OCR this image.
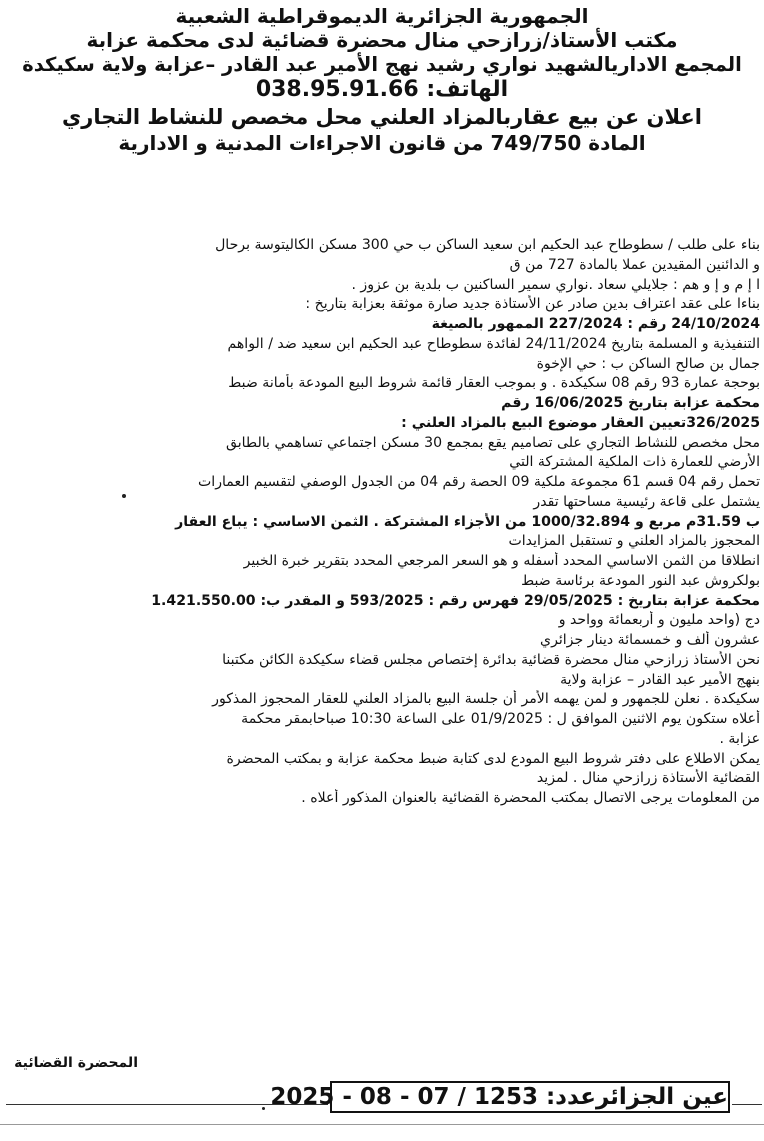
الجمهورية الجزائرية الديموقراطية الشعبية
مكتب الأستاذ/زرازحي منال محضرة قضائية لدى محكمة عزابة
المجمع الاداريالشهيد نواري رشيد نهج الأمير عبد القادر –عزابة ولاية سكيكدة
الهاتف: 038.95.91.66
اعلان عن بيع عقاربالمزاد العلني محل مخصص للنشاط التجاري
المادة 749/750 من قانون الاجراءات المدنية و الادارية
بناء على طلب / سطوطاح عبد الحكيم ابن سعيد الساكن ب حي 300 مسكن الكاليتوسة برحال
و الدائنين المقيدين عملا بالمادة 727 من ق
ا إ م و إ و هم : جلايلي سعاد .نواري سمير الساكنين ب بلدية بن عزوز .
بناءا على عقد اعتراف بدين صادر عن الأستاذة جديد صارة موثقة بعزابة بتاريخ :
24/10/2024 رقم : 227/2024 الممهور بالصيغة
التنفيذية و المسلمة بتاريخ 24/11/2024 لفائدة سطوطاح عبد الحكيم ابن سعيد ضد / الواهم
جمال بن صالح الساكن ب : حي الإخوة
بوحجة عمارة 93 رقم 08 سكيكدة . و بموجب العقار قائمة شروط البيع المودعة بأمانة ضبط
محكمة عزابة بتاريخ 16/06/2025 رقم
326/2025تعيين العقار موضوع البيع بالمزاد العلني :
محل مخصص للنشاط التجاري على تصاميم يقع بمجمع 30 مسكن اجتماعي تساهمي بالطابق
الأرضي للعمارة ذات الملكية المشتركة التي
تحمل رقم 04 قسم 61 مجموعة ملكية 09 الحصة رقم 04 من الجدول الوصفي لتقسيم العمارات
يشتمل على قاعة رئيسية مساحتها تقدر
ب 31.59م مربع و 1000/32.894 من الأجزاء المشتركة . الثمن الاساسي : يباع العقار
المحجوز بالمزاد العلني و تستقبل المزايدات
انطلاقا من الثمن الاساسي المحدد أسفله و هو السعر المرجعي المحدد بتقرير خبرة الخبير
بولكروش عبد النور المودعة برئاسة ضبط
محكمة عزابة بتاريخ : 29/05/2025 فهرس رقم : 593/2025 و المقدر ب: 1.421.550.00
دج (واحد مليون و أربعمائة وواحد و
عشرون ألف و خمسمائة دينار جزائري
نحن الأستاذ زرازحي منال محضرة قضائية بدائرة إختصاص مجلس قضاء سكيكدة الكائن مكتبنا
بنهج الأمير عبد القادر – عزابة ولاية
سكيكدة . نعلن للجمهور و لمن يهمه الأمر أن جلسة البيع بالمزاد العلني للعقار المحجوز المذكور
أعلاه ستكون يوم الاثنين الموافق ل : 01/9/2025 على الساعة 10:30 صباحابمقر محكمة
عزابة .
يمكن الاطلاع على دفتر شروط البيع المودع لدى كتابة ضبط محكمة عزابة و بمكتب المحضرة
القضائية الأستاذة زرازحي منال . لمزيد
من المعلومات يرجى الاتصال بمكتب المحضرة القضائية بالعنوان المذكور أعلاه .
المحضرة القضائية
عين الجزائرعدد: 1253 / 07 - 08 - 2025
